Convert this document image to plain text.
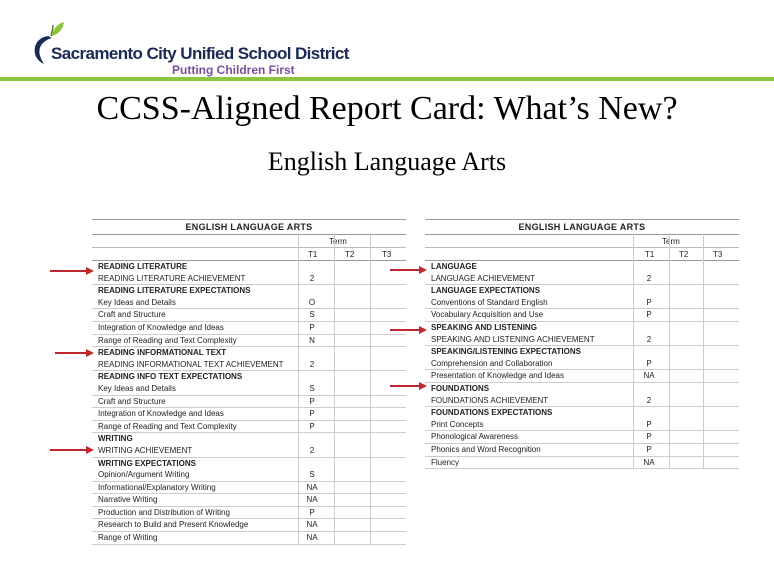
Sacramento City Unified School District
Putting Children First
CCSS-Aligned Report Card: What’s New?
English Language Arts
ENGLISH LANGUAGE ARTS
Term
T1	T2	T3
READING LITERATURE
READING LITERATURE ACHIEVEMENT	2
READING LITERATURE EXPECTATIONS
Key Ideas and Details	O
Craft and Structure	S
Integration of Knowledge and Ideas	P
Range of Reading and Text Complexity	N
READING INFORMATIONAL TEXT
READING INFORMATIONAL TEXT ACHIEVEMENT	2
READING INFO TEXT EXPECTATIONS
Key Ideas and Details	S
Craft and Structure	P
Integration of Knowledge and Ideas	P
Range of Reading and Text Complexity	P
WRITING
WRITING ACHIEVEMENT	2
WRITING EXPECTATIONS
Opinion/Argument Writing	S
Informational/Explanatory Writing	NA
Narrative Writing	NA
Production and Distribution of Writing	P
Research to Build and Present Knowledge	NA
Range of Writing	NA
ENGLISH LANGUAGE ARTS
Term
T1	T2	T3
LANGUAGE
LANGUAGE ACHIEVEMENT	2
LANGUAGE EXPECTATIONS
Conventions of Standard English	P
Vocabulary Acquisition and Use	P
SPEAKING AND LISTENING
SPEAKING AND LISTENING ACHIEVEMENT	2
SPEAKING/LISTENING EXPECTATIONS
Comprehension and Collaboration	P
Presentation of Knowledge and Ideas	NA
FOUNDATIONS
FOUNDATIONS ACHIEVEMENT	2
FOUNDATIONS EXPECTATIONS
Print Concepts	P
Phonological Awareness	P
Phonics and Word Recognition	P
Fluency	NA
